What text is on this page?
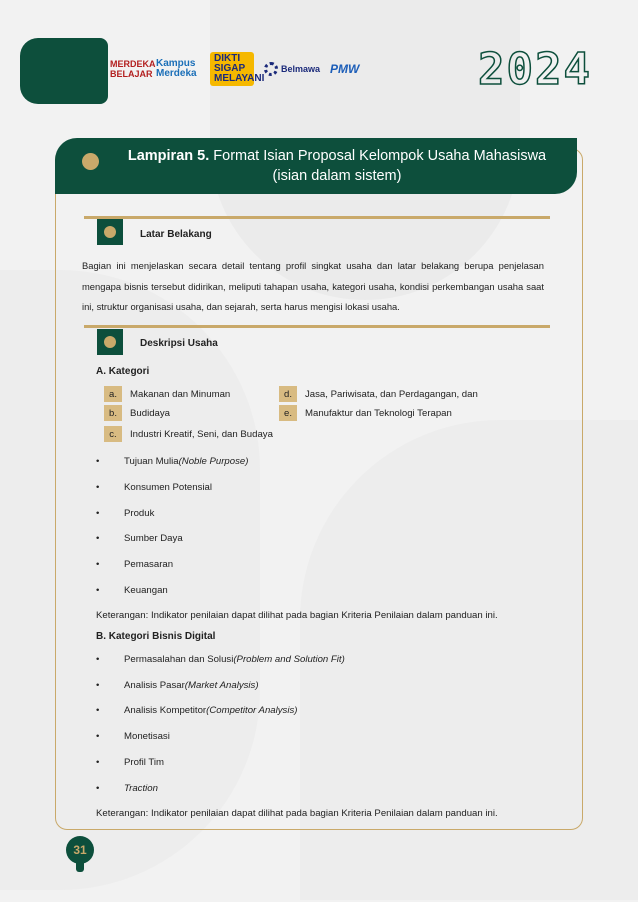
MERDEKA BELAJAR
Kampus Merdeka
DIKTI SIGAP MELAYANI
Belmawa PMW	2024
Lampiran 5. Format Isian Proposal Kelompok Usaha Mahasiswa (isian dalam sistem)
Latar Belakang
Bagian ini menjelaskan secara detail tentang profil singkat usaha dan latar belakang berupa penjelasan mengapa bisnis tersebut didirikan, meliputi tahapan usaha, kategori usaha, kondisi perkembangan usaha saat ini, struktur organisasi usaha, dan sejarah, serta harus mengisi lokasi usaha.
Deskripsi Usaha
A. Kategori
a.	Makanan dan Minuman
b.	Budidaya
c.	Industri Kreatif, Seni, dan Budaya
d.	Jasa, Pariwisata, dan Perdagangan, dan
e.	Manufaktur dan Teknologi Terapan
•	Tujuan Mulia (Noble Purpose)
•	Konsumen Potensial
•	Produk
•	Sumber Daya
•	Pemasaran
•	Keuangan
Keterangan: Indikator penilaian dapat dilihat pada bagian Kriteria Penilaian dalam panduan ini.
B. Kategori Bisnis Digital
•	Permasalahan dan Solusi (Problem and Solution Fit)
•	Analisis Pasar (Market Analysis)
•	Analisis Kompetitor (Competitor Analysis)
•	Monetisasi
•	Profil Tim
•	Traction
Keterangan: Indikator penilaian dapat dilihat pada bagian Kriteria Penilaian dalam panduan ini.
31
